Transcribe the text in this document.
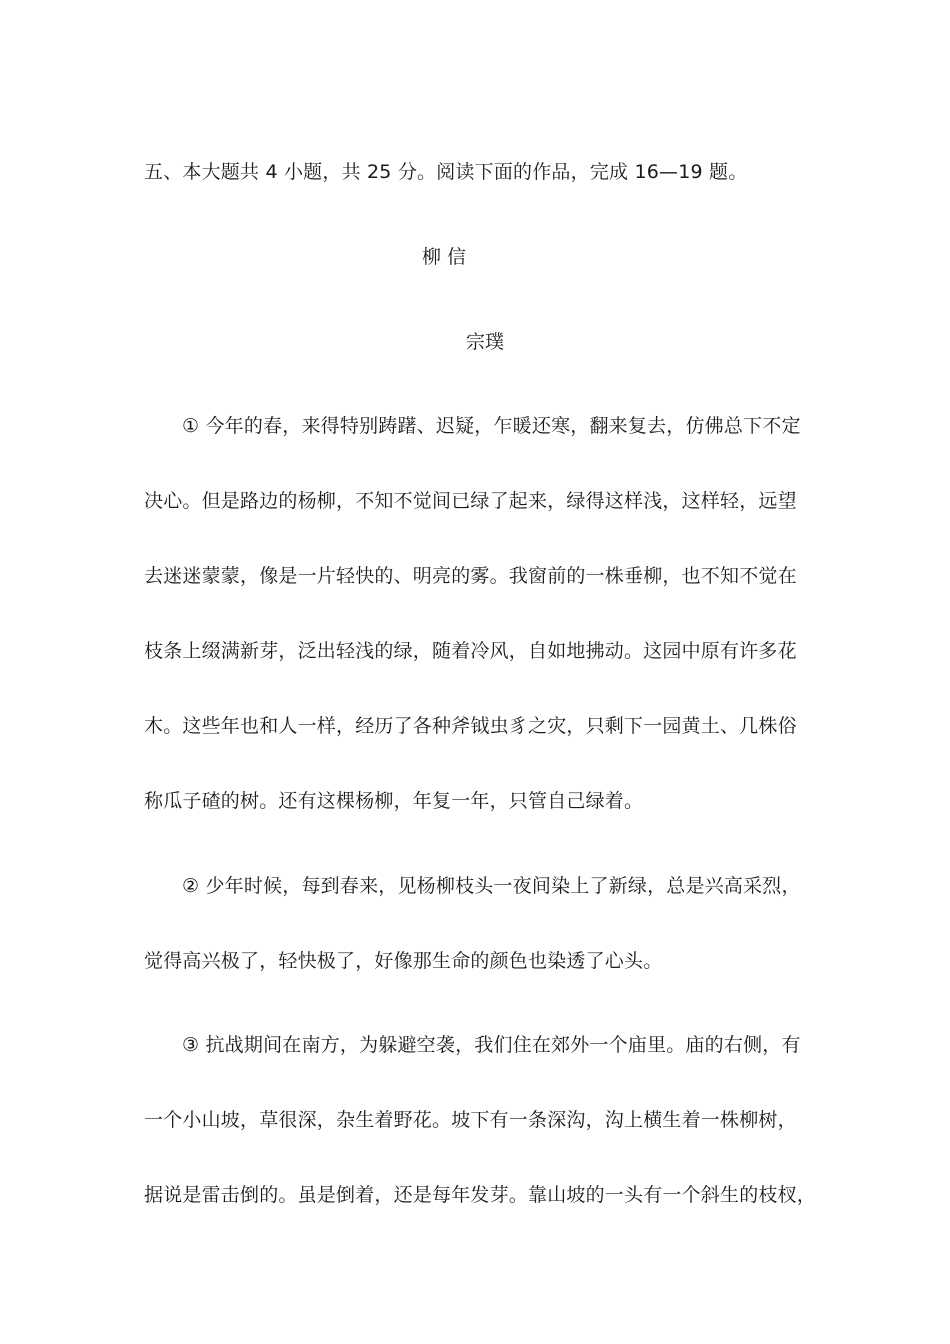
五、本大题共 4 小题，共 25 分。阅读下面的作品，完成 16—19 题。
柳 信
宗璞
① 今年的春，来得特别踌躇、迟疑，乍暖还寒，翻来复去，仿佛总下不定
决心。但是路边的杨柳，不知不觉间已绿了起来，绿得这样浅，这样轻，远望
去迷迷蒙蒙，像是一片轻快的、明亮的雾。我窗前的一株垂柳，也不知不觉在
枝条上缀满新芽，泛出轻浅的绿，随着冷风，自如地拂动。这园中原有许多花
木。这些年也和人一样，经历了各种斧钺虫豸之灾，只剩下一园黄土、几株俗
称瓜子碴的树。还有这棵杨柳，年复一年，只管自己绿着。
② 少年时候，每到春来，见杨柳枝头一夜间染上了新绿，总是兴高采烈，
觉得高兴极了，轻快极了，好像那生命的颜色也染透了心头。
③ 抗战期间在南方，为躲避空袭，我们住在郊外一个庙里。庙的右侧，有
一个小山坡，草很深，杂生着野花。坡下有一条深沟，沟上横生着一株柳树，
据说是雷击倒的。虽是倒着，还是每年发芽。靠山坡的一头有一个斜生的枝杈，
